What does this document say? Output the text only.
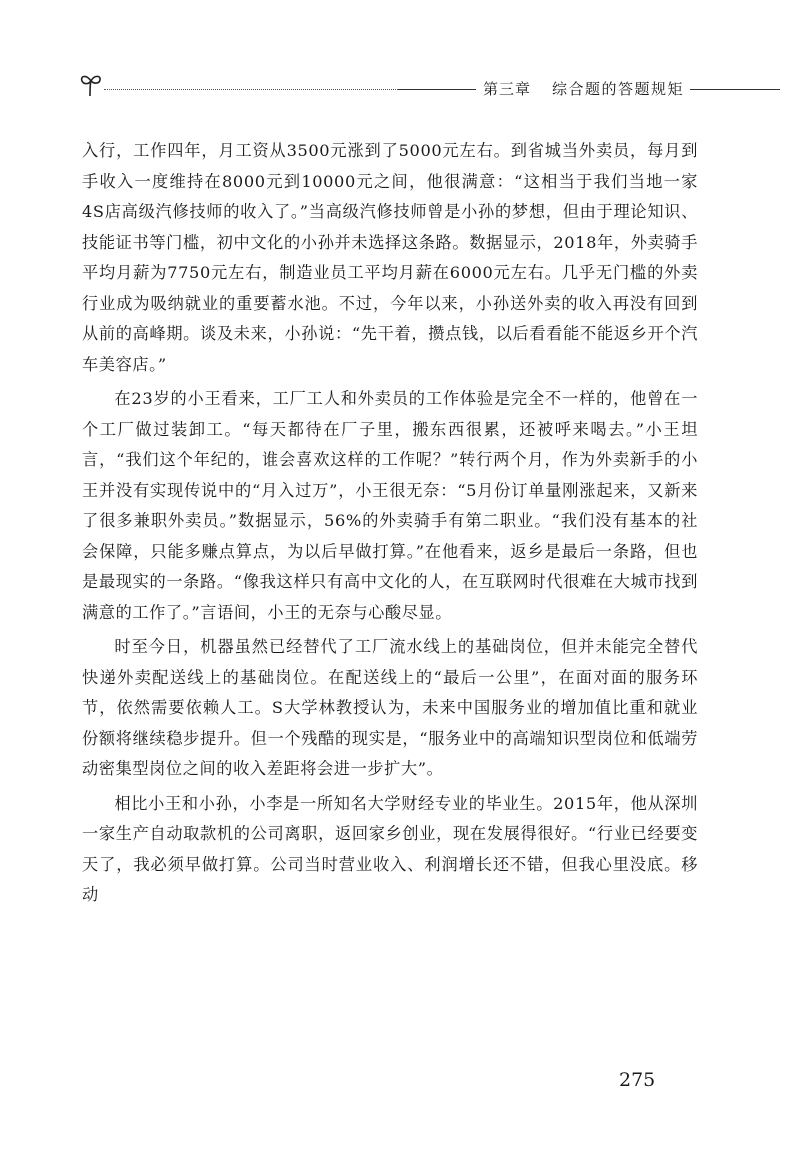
第三章 综合题的答题规矩

入行，工作四年，月工资从3500元涨到了5000元左右。到省城当外卖员，每月到手收入一度维持在8000元到10000元之间，他很满意：“这相当于我们当地一家4S店高级汽修技师的收入了。”当高级汽修技师曾是小孙的梦想，但由于理论知识、技能证书等门槛，初中文化的小孙并未选择这条路。数据显示，2018年，外卖骑手平均月薪为7750元左右，制造业员工平均月薪在6000元左右。几乎无门槛的外卖行业成为吸纳就业的重要蓄水池。不过，今年以来，小孙送外卖的收入再没有回到从前的高峰期。谈及未来，小孙说：“先干着，攒点钱，以后看看能不能返乡开个汽车美容店。”

在23岁的小王看来，工厂工人和外卖员的工作体验是完全不一样的，他曾在一个工厂做过装卸工。“每天都待在厂子里，搬东西很累，还被呼来喝去。”小王坦言，“我们这个年纪的，谁会喜欢这样的工作呢？”转行两个月，作为外卖新手的小王并没有实现传说中的“月入过万”，小王很无奈：“5月份订单量刚涨起来，又新来了很多兼职外卖员。”数据显示，56%的外卖骑手有第二职业。“我们没有基本的社会保障，只能多赚点算点，为以后早做打算。”在他看来，返乡是最后一条路，但也是最现实的一条路。“像我这样只有高中文化的人，在互联网时代很难在大城市找到满意的工作了。”言语间，小王的无奈与心酸尽显。

时至今日，机器虽然已经替代了工厂流水线上的基础岗位，但并未能完全替代快递外卖配送线上的基础岗位。在配送线上的“最后一公里”，在面对面的服务环节，依然需要依赖人工。S大学林教授认为，未来中国服务业的增加值比重和就业份额将继续稳步提升。但一个残酷的现实是，“服务业中的高端知识型岗位和低端劳动密集型岗位之间的收入差距将会进一步扩大”。

相比小王和小孙，小李是一所知名大学财经专业的毕业生。2015年，他从深圳一家生产自动取款机的公司离职，返回家乡创业，现在发展得很好。“行业已经要变天了，我必须早做打算。公司当时营业收入、利润增长还不错，但我心里没底。移动

275
